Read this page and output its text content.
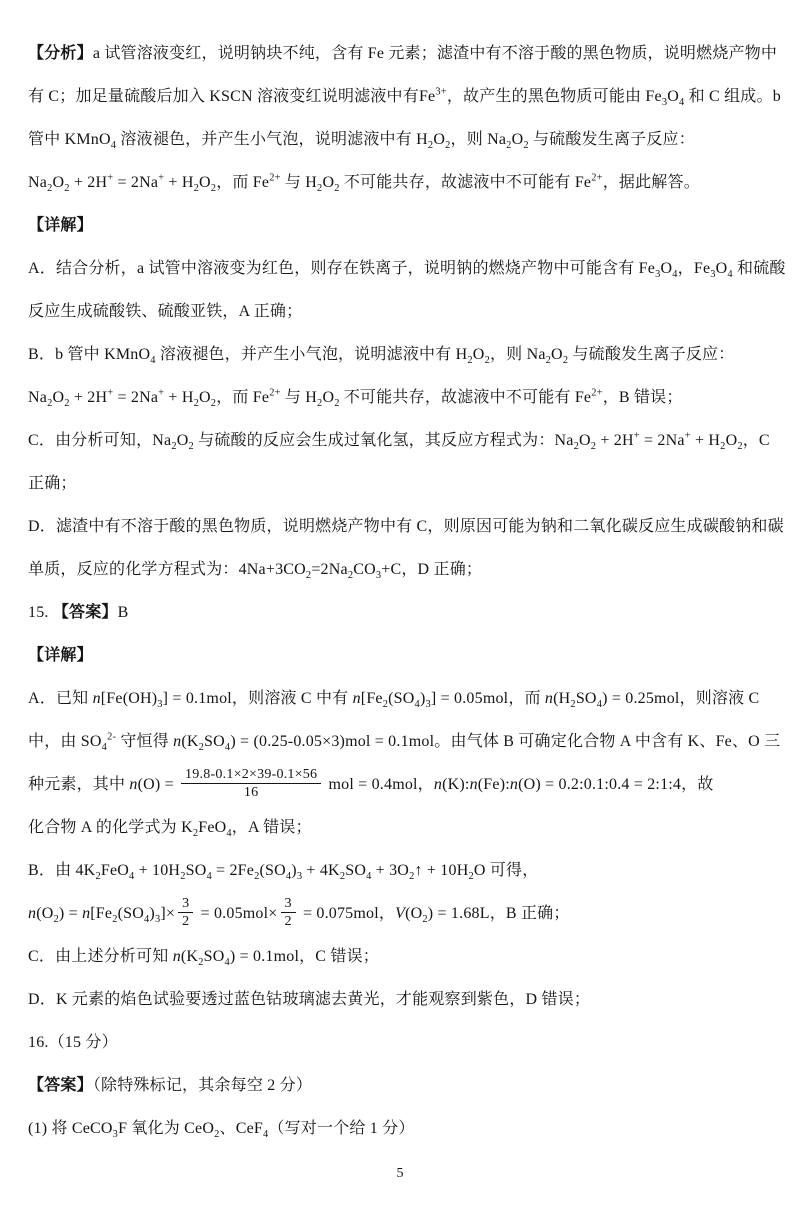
【分析】a 试管溶液变红，说明钠块不纯，含有 Fe 元素；滤渣中有不溶于酸的黑色物质，说明燃烧产物中
有 C；加足量硫酸后加入 KSCN 溶液变红说明滤液中有$Fe^{3+}$，故产生的黑色物质可能由 $Fe_3O_4$ 和 C 组成。b
管中 KMnO$_4$ 溶液褪色，并产生小气泡，说明滤液中有 $H_2O_2$，则 $Na_2O_2$ 与硫酸发生离子反应：
$Na_2O_2 + 2H^+ = 2Na^+ + H_2O_2$，而 $Fe^{2+}$ 与 $H_2O_2$ 不可能共存，故滤液中不可能有 $Fe^{2+}$，据此解答。
【详解】
A．结合分析，a 试管中溶液变为红色，则存在铁离子，说明钠的燃烧产物中可能含有 $Fe_3O_4$，$Fe_3O_4$ 和硫酸
反应生成硫酸铁、硫酸亚铁，A 正确；
B．b 管中 KMnO$_4$ 溶液褪色，并产生小气泡，说明滤液中有 $H_2O_2$，则 $Na_2O_2$ 与硫酸发生离子反应：
$Na_2O_2 + 2H^+ = 2Na^+ + H_2O_2$，而 $Fe^{2+}$ 与 $H_2O_2$ 不可能共存，故滤液中不可能有 $Fe^{2+}$，B 错误；
C．由分析可知，$Na_2O_2$ 与硫酸的反应会生成过氧化氢，其反应方程式为：$Na_2O_2 + 2H^+ = 2Na^+ + H_2O_2$，C
正确；
D．滤渣中有不溶于酸的黑色物质，说明燃烧产物中有 C，则原因可能为钠和二氧化碳反应生成碳酸钠和碳
单质，反应的化学方程式为：$4Na+3CO_2=2Na_2CO_3+C$，D 正确；
15. 【答案】B
【详解】
A．已知 $n[Fe(OH)_3] = 0.1mol$，则溶液 C 中有 $n[Fe_2(SO_4)_3] = 0.05mol$，而 $n(H_2SO_4) = 0.25mol$，则溶液 C
中，由 $SO_4^{2-}$ 守恒得 $n(K_2SO_4) = (0.25-0.05\times 3)mol = 0.1mol$。由气体 B 可确定化合物 A 中含有 K、Fe、O 三
种元素，其中 $n(O) = \frac{19.8-0.1\times 2\times 39-0.1\times 56}{16}$ mol = 0.4mol，n(K):​n(Fe):​n(O) = 0.2:0.1:0.4 = 2:1:4，故
化合物 A 的化学式为 $K_2FeO_4$，A 错误；
B．由 $4K_2FeO_4 + 10H_2SO_4 = 2Fe_2(SO_4)_3 + 4K_2SO_4$ + $3O_2↑ + 10H_2O$ 可得，
$n(O_2) = n[Fe_2(SO_4)_3]\times \frac{3}{2} = 0.05mol\times \frac{3}{2} = 0.075mol$，$V(O_2) = 1.68L$，B 正确；
C．由上述分析可知 $n(K_2SO_4) = 0.1mol$，C 错误；
D．K 元素的焰色试验要透过蓝色钴玻璃滤去黄光，才能观察到紫色，D 错误；
16.（15 分）
【答案】（除特殊标记，其余每空 2 分）
(1) 将 CeCO$_3$F 氧化为 CeO$_2$、CeF$_4$（写对一个给 1 分）
5
